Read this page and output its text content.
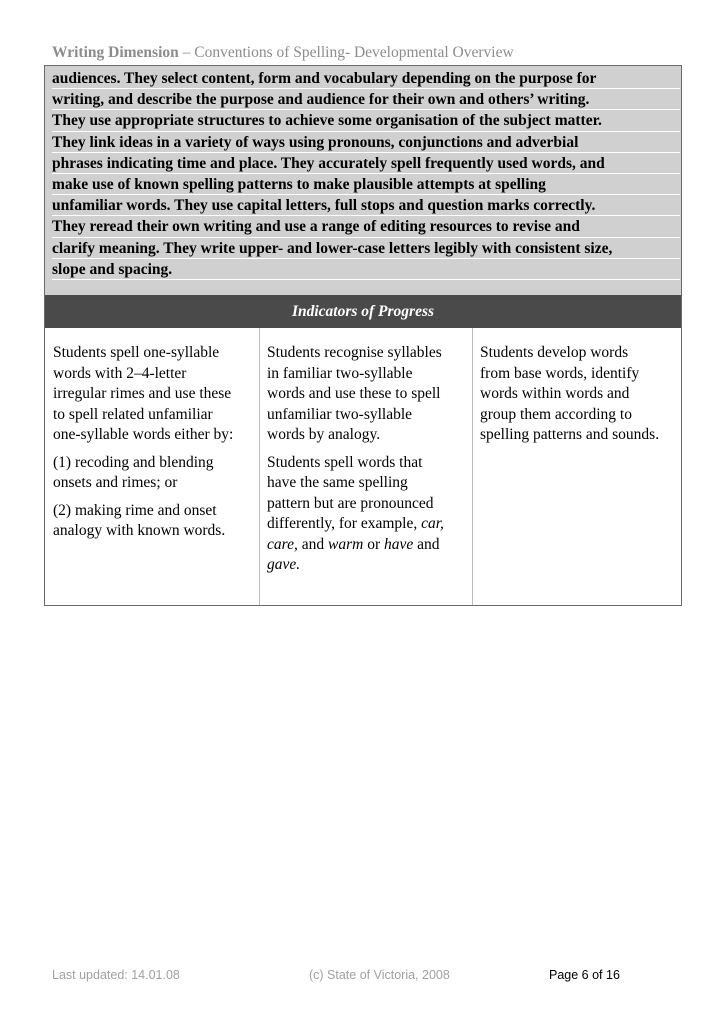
Writing Dimension – Conventions of Spelling- Developmental Overview
audiences. They select content, form and vocabulary depending on the purpose for
writing, and describe the purpose and audience for their own and others’ writing.
They use appropriate structures to achieve some organisation of the subject matter.
They link ideas in a variety of ways using pronouns, conjunctions and adverbial
phrases indicating time and place. They accurately spell frequently used words, and
make use of known spelling patterns to make plausible attempts at spelling
unfamiliar words. They use capital letters, full stops and question marks correctly.
They reread their own writing and use a range of editing resources to revise and
clarify meaning. They write upper- and lower-case letters legibly with consistent size,
slope and spacing.
Indicators of Progress

Students spell one-syllable
words with 2–4-letter
irregular rimes and use these
to spell related unfamiliar
one-syllable words either by:

(1) recoding and blending
onsets and rimes; or

(2) making rime and onset
analogy with known words.

Students recognise syllables
in familiar two-syllable
words and use these to spell
unfamiliar two-syllable
words by analogy.

Students spell words that
have the same spelling
pattern but are pronounced
differently, for example, car,
care, and warm or have and
gave.

Students develop words
from base words, identify
words within words and
group them according to
spelling patterns and sounds.

Last updated: 14.01.08	(c) State of Victoria, 2008	Page 6 of 16
